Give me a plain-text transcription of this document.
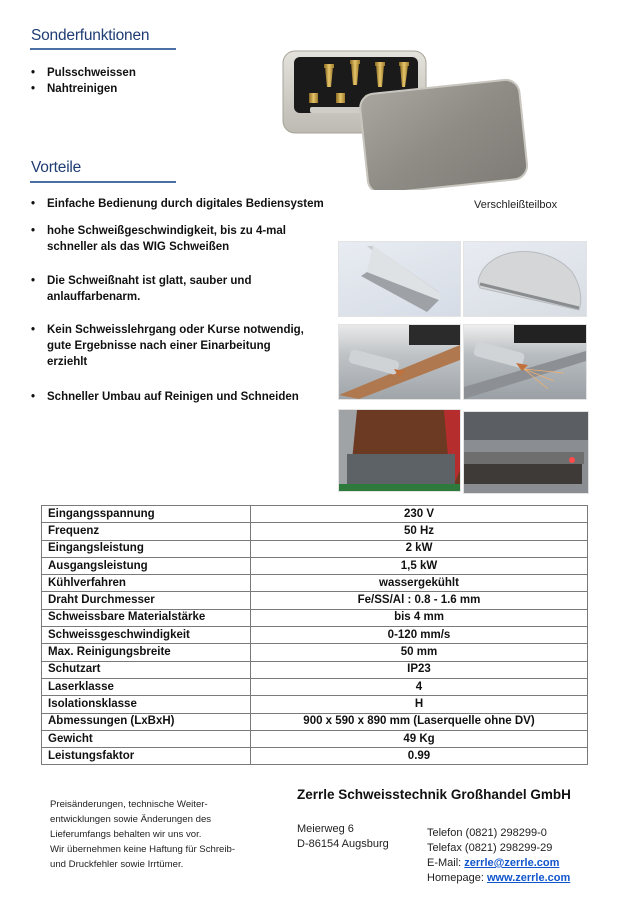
Sonderfunktionen
• Pulsschweissen
• Nahtreinigen
Vorteile
• Einfache Bedienung durch digitales Bediensystem
• hohe Schweißgeschwindigkeit, bis zu 4-mal
schneller als das WIG Schweißen
• Die Schweißnaht ist glatt, sauber und
anlauffarbenarm.
• Kein Schweisslehrgang oder Kurse notwendig,
gute Ergebnisse nach einer Einarbeitung
erziehlt
• Schneller Umbau auf Reinigen und Schneiden
Verschleißteilbox
Eingangsspannung	230 V
Frequenz	50 Hz
Eingangsleistung	2 kW
Ausgangsleistung	1,5 kW
Kühlverfahren	wassergekühlt
Draht Durchmesser	Fe/SS/Al : 0.8 - 1.6 mm
Schweissbare Materialstärke	bis 4 mm
Schweissgeschwindigkeit	0-120 mm/s
Max. Reinigungsbreite	50 mm
Schutzart	IP23
Laserklasse	4
Isolationsklasse	H
Abmessungen (LxBxH)	900 x 590 x 890 mm (Laserquelle ohne DV)
Gewicht	49 Kg
Leistungsfaktor	0.99
Preisänderungen, technische Weiter-
entwicklungen sowie Änderungen des
Lieferumfangs behalten wir uns vor.
Wir übernehmen keine Haftung für Schreib-
und Druckfehler sowie Irrtümer.
Zerrle Schweisstechnik Großhandel GmbH
Meierweg 6
D-86154 Augsburg
Telefon (0821) 298299-0
Telefax (0821) 298299-29
E-Mail: zerrle@zerrle.com
Homepage: www.zerrle.com
